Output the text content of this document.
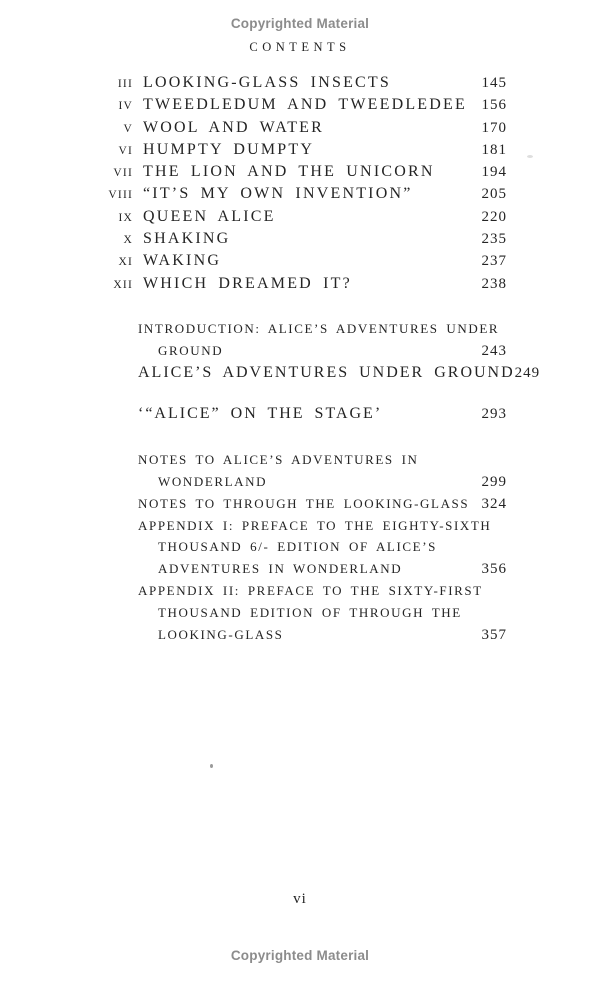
Copyrighted Material
CONTENTS
III LOOKING-GLASS INSECTS	145
IV TWEEDLEDUM AND TWEEDLEDEE 156
V WOOL AND WATER	170
VI HUMPTY DUMPTY	181
VII THE LION AND THE UNICORN	194
VIII “IT’S MY OWN INVENTION”	205
IX QUEEN ALICE	220
X SHAKING	235
XI WAKING	237
XII WHICH DREAMED IT?	238
INTRODUCTION: ALICE’S ADVENTURES UNDER
GROUND	243
ALICE’S ADVENTURES UNDER GROUND 249
‘“ALICE” ON THE STAGE’	293
NOTES TO ALICE’S ADVENTURES IN
WONDERLAND	299
NOTES TO THROUGH THE LOOKING-GLASS 324
APPENDIX I: PREFACE TO THE EIGHTY-SIXTH
THOUSAND 6/- EDITION OF ALICE’S
ADVENTURES IN WONDERLAND	356
APPENDIX II: PREFACE TO THE SIXTY-FIRST
THOUSAND EDITION OF THROUGH THE
LOOKING-GLASS	357
vi
Copyrighted Material
